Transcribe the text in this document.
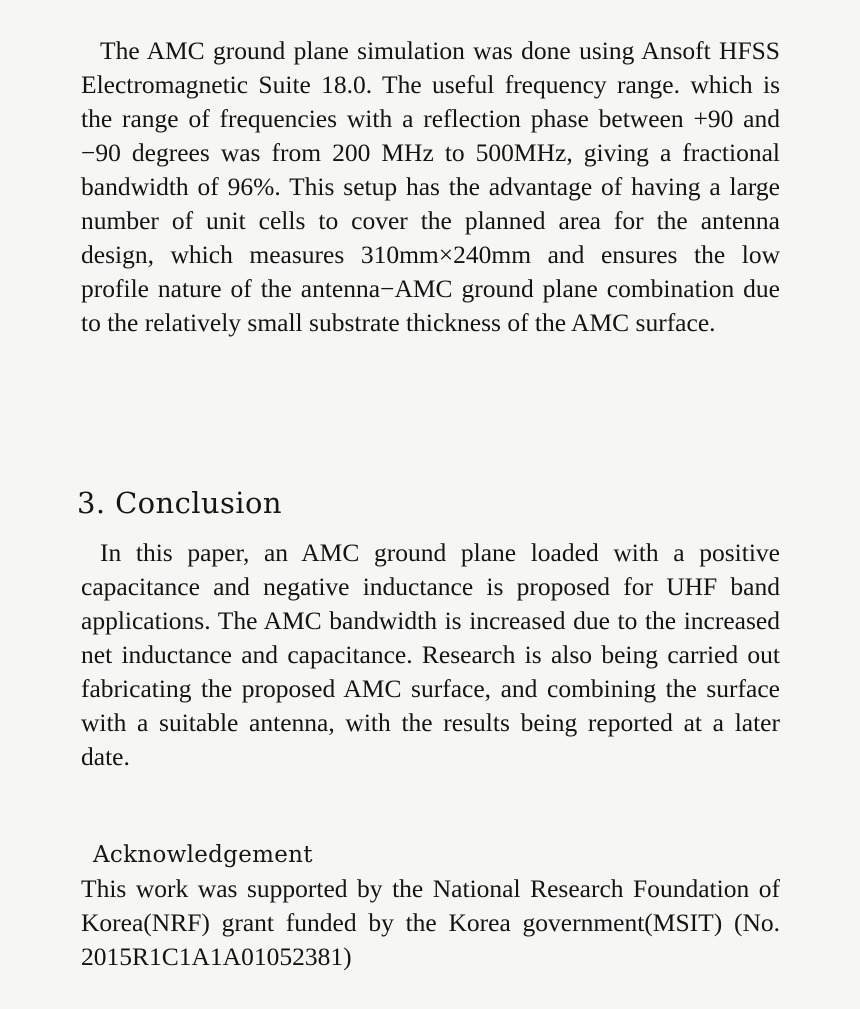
The AMC ground plane simulation was done using Ansoft HFSS Electromagnetic Suite 18.0. The useful frequency range. which is the range of frequencies with a reflection phase between +90 and −90 degrees was from 200 MHz to 500MHz, giving a fractional bandwidth of 96%. This setup has the advantage of having a large number of unit cells to cover the planned area for the antenna design, which measures 310mm×240mm and ensures the low profile nature of the antenna−AMC ground plane combination due to the relatively small substrate thickness of the AMC surface.

3. Conclusion

In this paper, an AMC ground plane loaded with a positive capacitance and negative inductance is proposed for UHF band applications. The AMC bandwidth is increased due to the increased net inductance and capacitance. Research is also being carried out fabricating the proposed AMC surface, and combining the surface with a suitable antenna, with the results being reported at a later date.

Acknowledgement

This work was supported by the National Research Foundation of Korea(NRF) grant funded by the Korea government(MSIT) (No. 2015R1C1A1A01052381)
